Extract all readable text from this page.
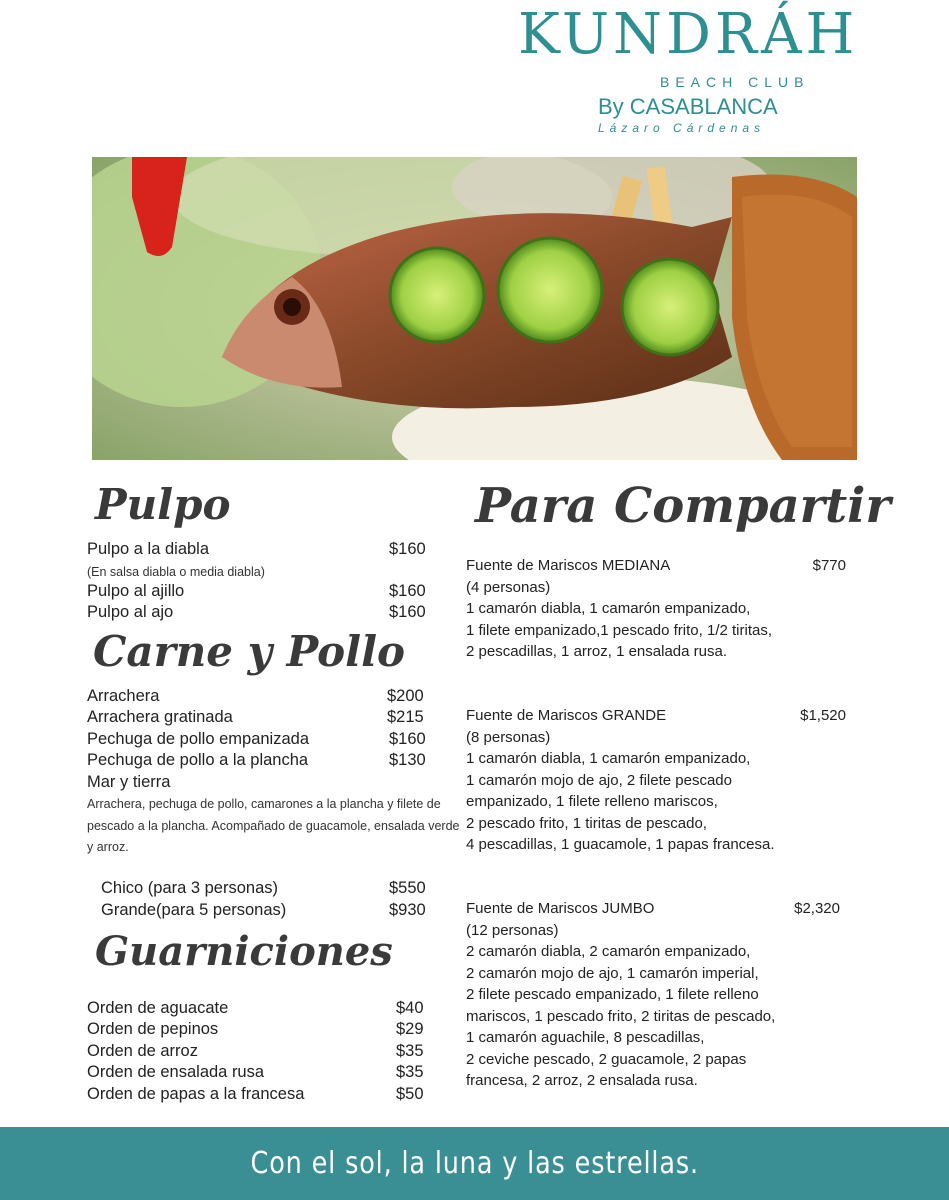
KUNDRÁH
BEACH CLUB
By CASABLANCA
Lázaro Cárdenas
Pulpo
Pulpo a la diabla	$160
(En salsa diabla o media diabla)
Pulpo al ajillo	$160
Pulpo al ajo	$160
Carne y Pollo
Arrachera	$200
Arrachera gratinada	$215
Pechuga de pollo empanizada	$160
Pechuga de pollo a la plancha	$130
Mar y tierra
Arrachera, pechuga de pollo, camarones a la plancha y filete de pescado a la plancha. Acompañado de guacamole, ensalada verde y arroz.
Chico (para 3 personas)	$550
Grande(para 5 personas)	$930
Guarniciones
Orden de aguacate	$40
Orden de pepinos	$29
Orden de arroz	$35
Orden de ensalada rusa	$35
Orden de papas a la francesa	$50
Para Compartir
Fuente de Mariscos MEDIANA	$770
(4 personas)
1 camarón diabla, 1 camarón empanizado,
1 filete empanizado,1 pescado frito, 1/2 tiritas,
2 pescadillas, 1 arroz, 1 ensalada rusa.
Fuente de Mariscos GRANDE	$1,520
(8 personas)
1 camarón diabla, 1 camarón empanizado,
1 camarón mojo de ajo, 2 filete pescado
empanizado, 1 filete relleno mariscos,
2 pescado frito, 1 tiritas de pescado,
4 pescadillas, 1 guacamole, 1 papas francesa.
Fuente de Mariscos JUMBO	$2,320
(12 personas)
2 camarón diabla, 2 camarón empanizado,
2 camarón mojo de ajo, 1 camarón imperial,
2 filete pescado empanizado, 1 filete relleno
mariscos, 1 pescado frito, 2 tiritas de pescado,
1 camarón aguachile, 8 pescadillas,
2 ceviche pescado, 2 guacamole, 2 papas
francesa, 2 arroz, 2 ensalada rusa.
Con el sol, la luna y las estrellas.
